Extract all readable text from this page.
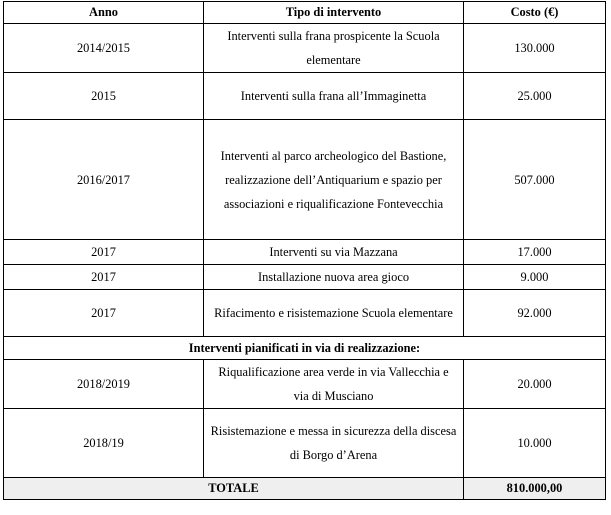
Anno	Tipo di intervento	Costo (€)
2014/2015	Interventi sulla frana prospicente la Scuola elementare	130.000
2015	Interventi sulla frana all’Immaginetta	25.000
2016/2017	Interventi al parco archeologico del Bastione, realizzazione dell’Antiquarium e spazio per associazioni e riqualificazione Fontevecchia	507.000
2017	Interventi su via Mazzana	17.000
2017	Installazione nuova area gioco	9.000
2017	Rifacimento e risistemazione Scuola elementare	92.000
Interventi pianificati in via di realizzazione:		
2018/2019	Riqualificazione area verde in via Vallecchia e via di Musciano	20.000
2018/19	Risistemazione e messa in sicurezza della discesa di Borgo d’Arena	10.000
TOTALE		810.000,00
